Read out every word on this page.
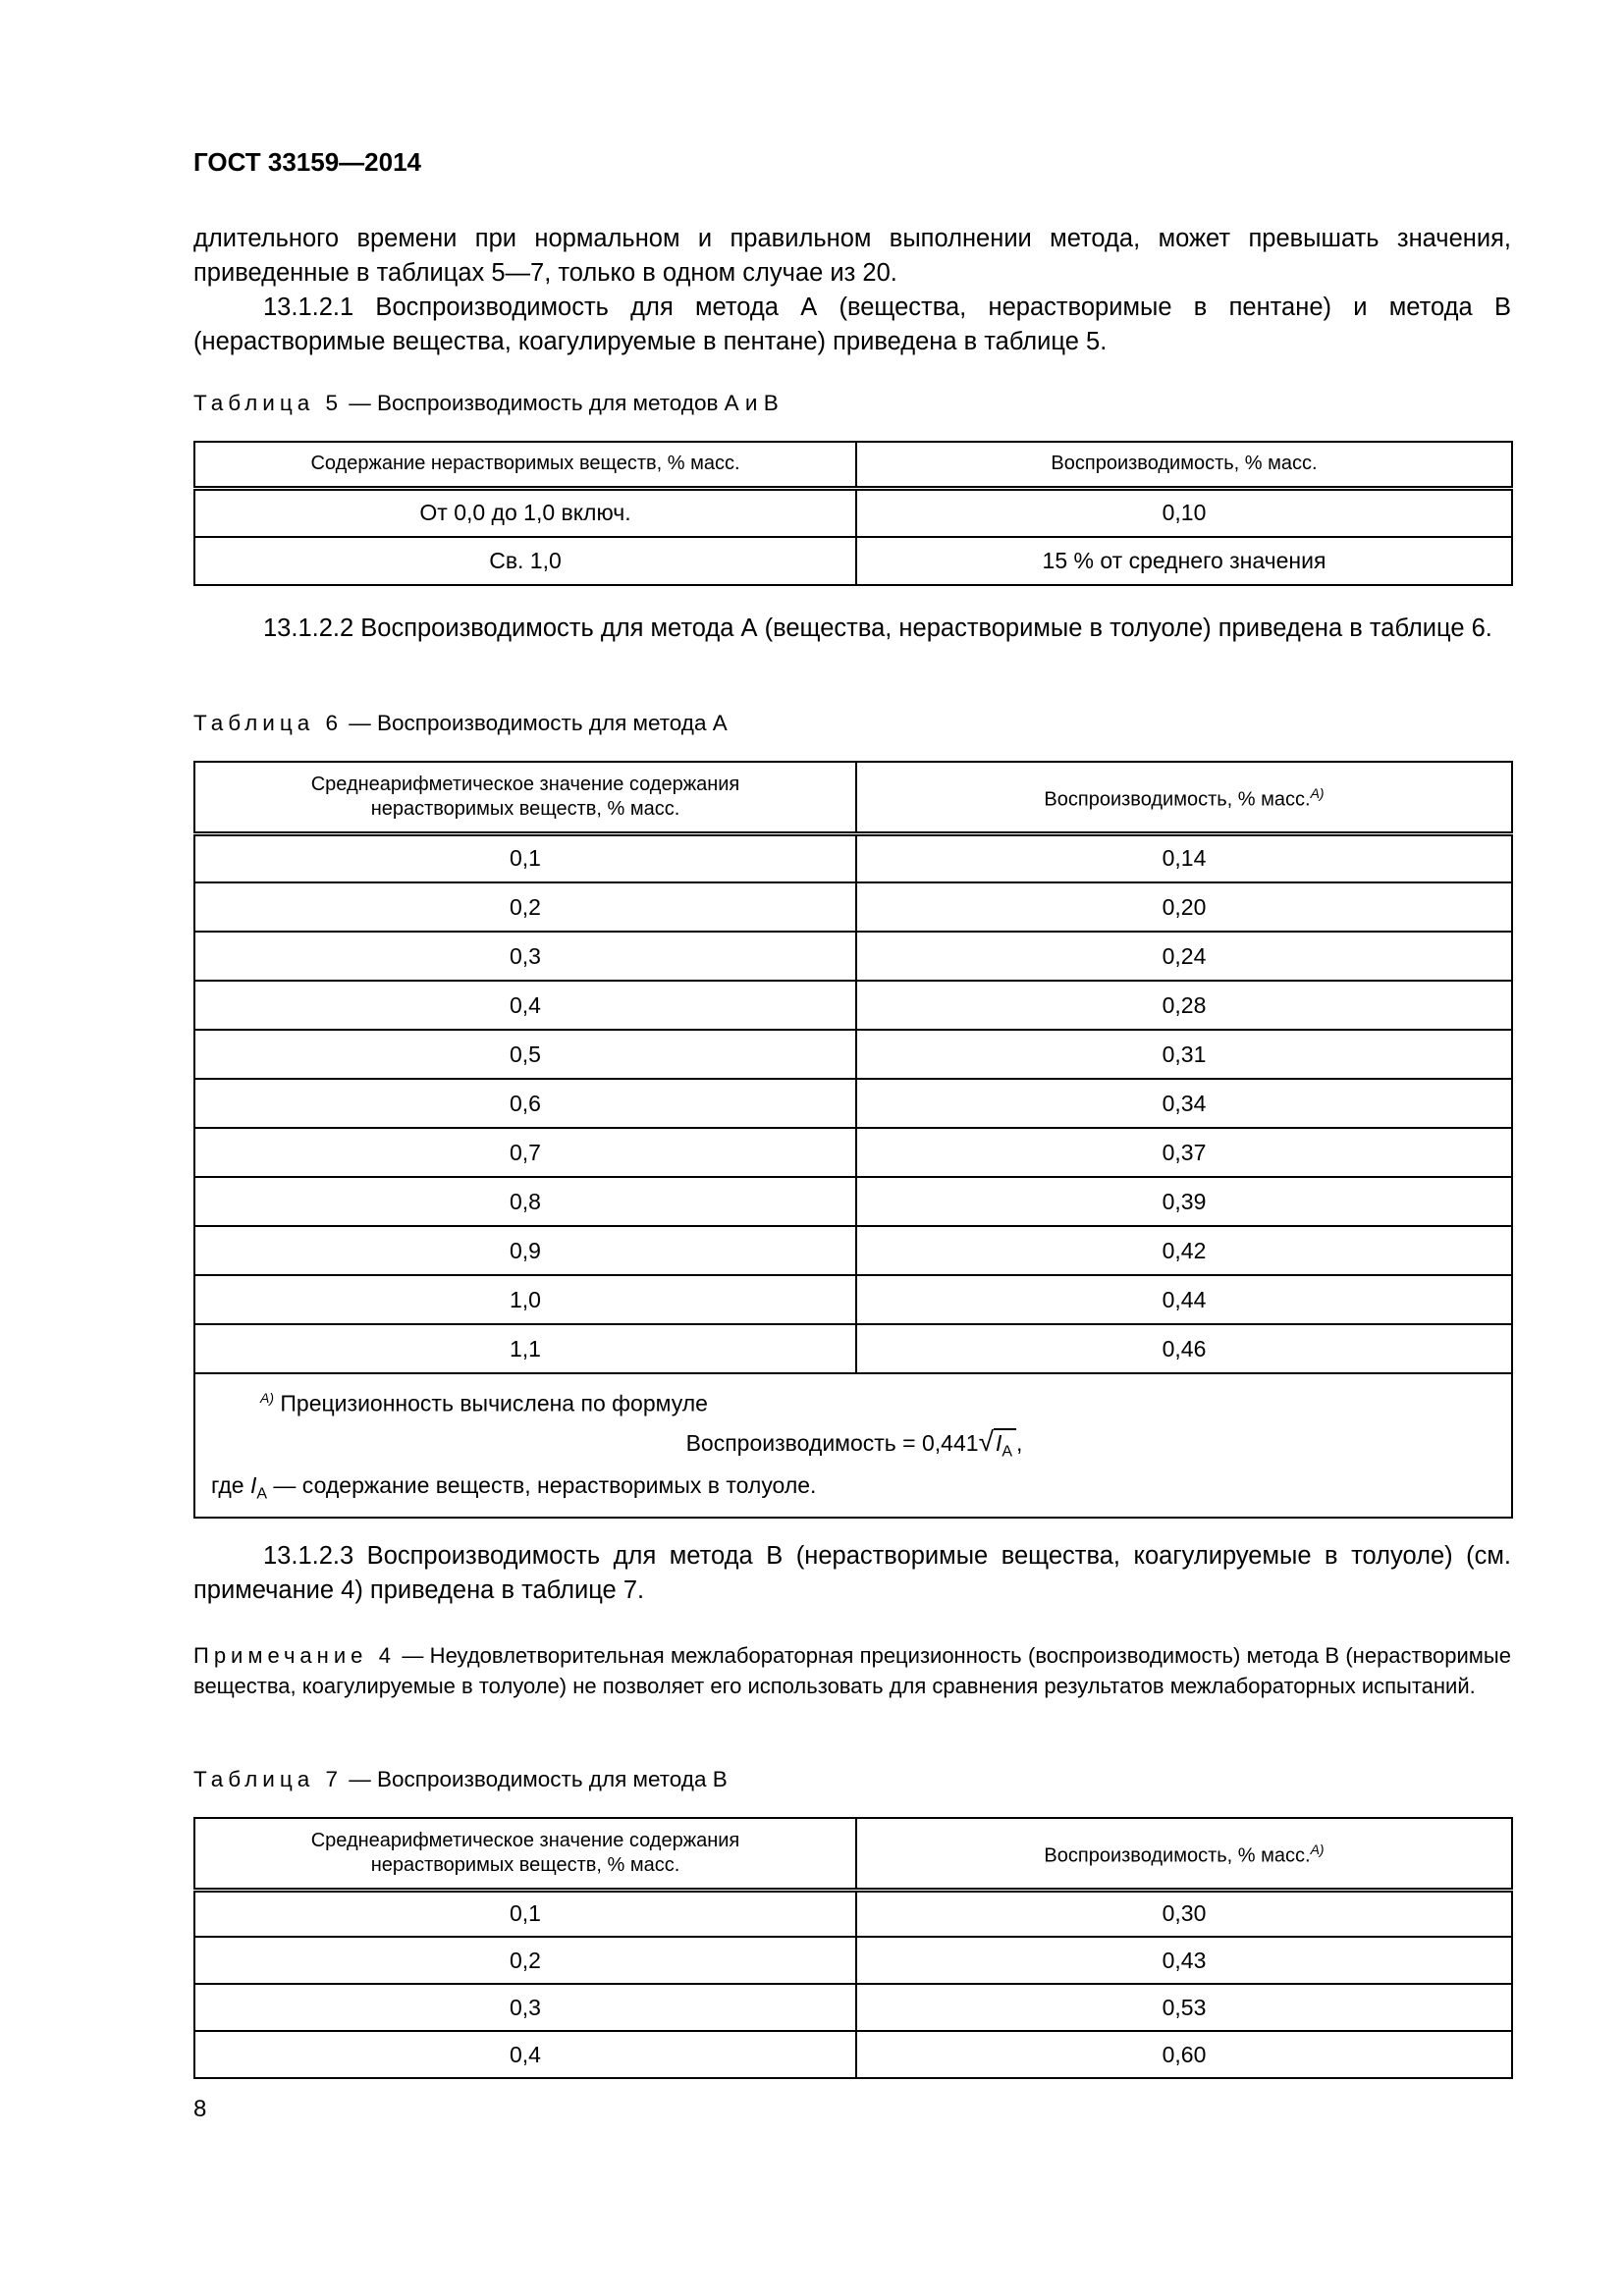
ГОСТ 33159—2014
длительного времени при нормальном и правильном выполнении метода, может превышать значения, приведенные в таблицах 5—7, только в одном случае из 20.
13.1.2.1 Воспроизводимость для метода А (вещества, нерастворимые в пентане) и метода В (нерастворимые вещества, коагулируемые в пентане) приведена в таблице 5.
Таблица 5 — Воспроизводимость для методов А и В
Содержание нерастворимых веществ, % масс.	Воспроизводимость, % масс.
От 0,0 до 1,0 включ.	0,10
Св. 1,0	15 % от среднего значения
13.1.2.2 Воспроизводимость для метода А (вещества, нерастворимые в толуоле) приведена в таблице 6.
Таблица 6 — Воспроизводимость для метода А
Среднеарифметическое значение содержания
нерастворимых веществ, % масс.	Воспроизводимость, % масс.$^{А)}$
0,1	0,14
0,2	0,20
0,3	0,24
0,4	0,28
0,5	0,31
0,6	0,34
0,7	0,37
0,8	0,39
0,9	0,42
1,0	0,44
1,1	0,46

$^{А)}$ Прецизионность вычислена по формуле
Воспроизводимость = $0,441√I_A$ ,
где $I_A$ — содержание веществ, нерастворимых в толуоле.	
13.1.2.3 Воспроизводимость для метода В (нерастворимые вещества, коагулируемые в толуоле) (см. примечание 4) приведена в таблице 7.
Примечание 4 — Неудовлетворительная межлабораторная прецизионность (воспроизводимость) метода В (нерастворимые вещества, коагулируемые в толуоле) не позволяет его использовать для сравнения результатов межлабораторных испытаний.
Таблица 7 — Воспроизводимость для метода В
Среднеарифметическое значение содержания
нерастворимых веществ, % масс.	Воспроизводимость, % масс.$^{А)}$
0,1	0,30
0,2	0,43
0,3	0,53
0,4	0,60
8
